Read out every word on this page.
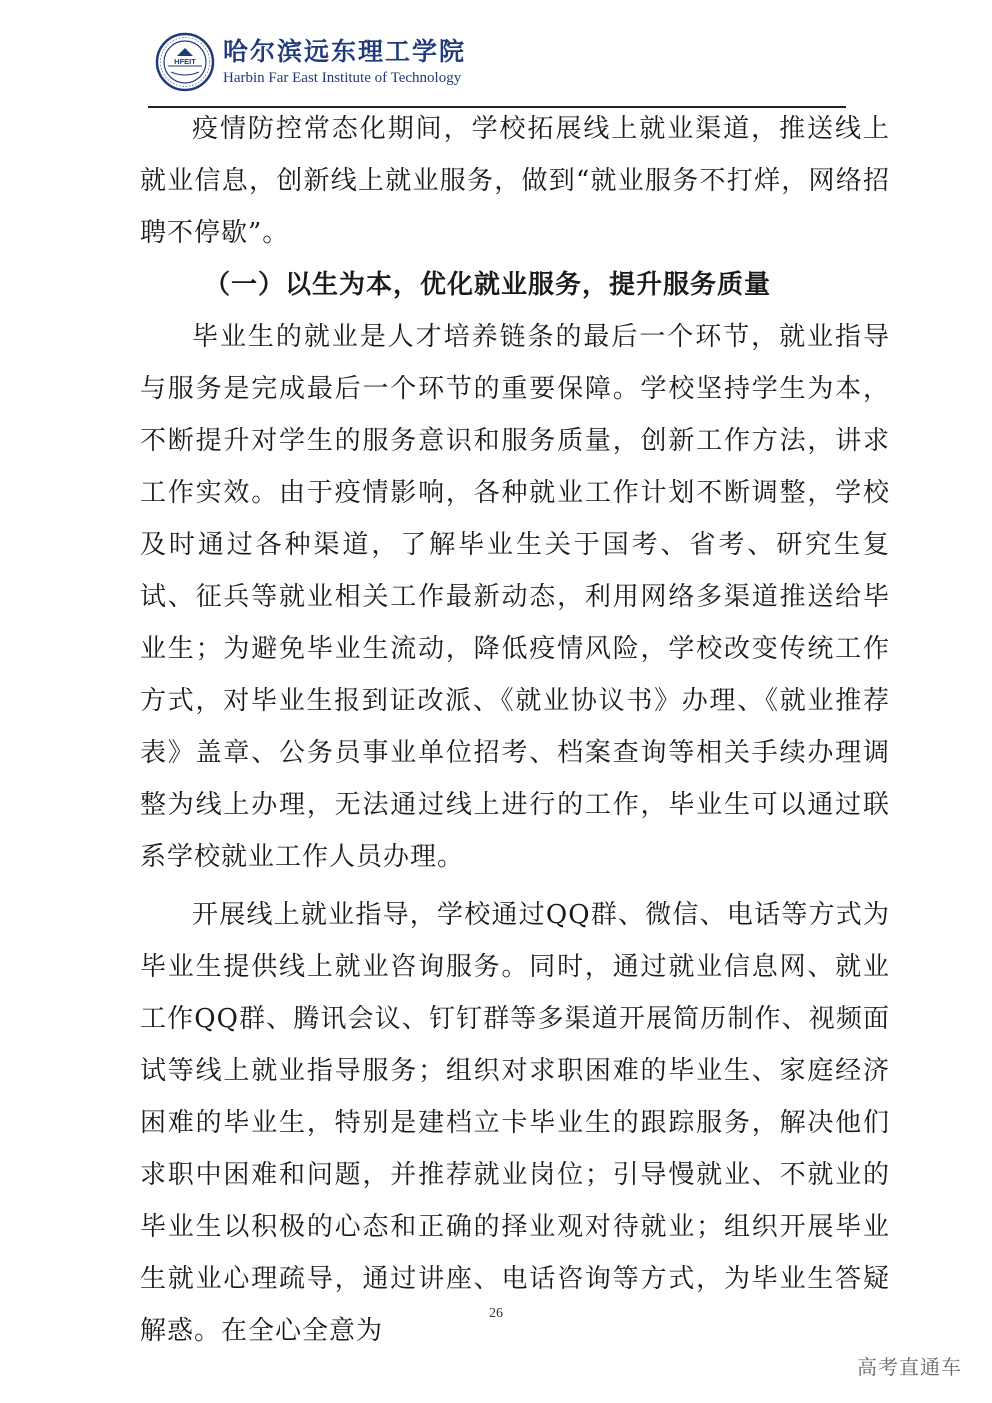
HFEIT 哈尔滨远东理工学院
Harbin Far East Institute of Technology

疫情防控常态化期间，学校拓展线上就业渠道，推送线上就业信息，创新线上就业服务，做到“就业服务不打烊，网络招聘不停歇”。

（一）以生为本，优化就业服务，提升服务质量

毕业生的就业是人才培养链条的最后一个环节，就业指导与服务是完成最后一个环节的重要保障。学校坚持学生为本，不断提升对学生的服务意识和服务质量，创新工作方法，讲求工作实效。由于疫情影响，各种就业工作计划不断调整，学校及时通过各种渠道，了解毕业生关于国考、省考、研究生复试、征兵等就业相关工作最新动态，利用网络多渠道推送给毕业生；为避免毕业生流动，降低疫情风险，学校改变传统工作方式，对毕业生报到证改派、《就业协议书》办理、《就业推荐表》盖章、公务员事业单位招考、档案查询等相关手续办理调整为线上办理，无法通过线上进行的工作，毕业生可以通过联系学校就业工作人员办理。

开展线上就业指导，学校通过QQ群、微信、电话等方式为毕业生提供线上就业咨询服务。同时，通过就业信息网、就业工作QQ群、腾讯会议、钉钉群等多渠道开展简历制作、视频面试等线上就业指导服务；组织对求职困难的毕业生、家庭经济困难的毕业生，特别是建档立卡毕业生的跟踪服务，解决他们求职中困难和问题，并推荐就业岗位；引导慢就业、不就业的毕业生以积极的心态和正确的择业观对待就业；组织开展毕业生就业心理疏导，通过讲座、电话咨询等方式，为毕业生答疑解惑。在全心全意为

26
高考直通车
